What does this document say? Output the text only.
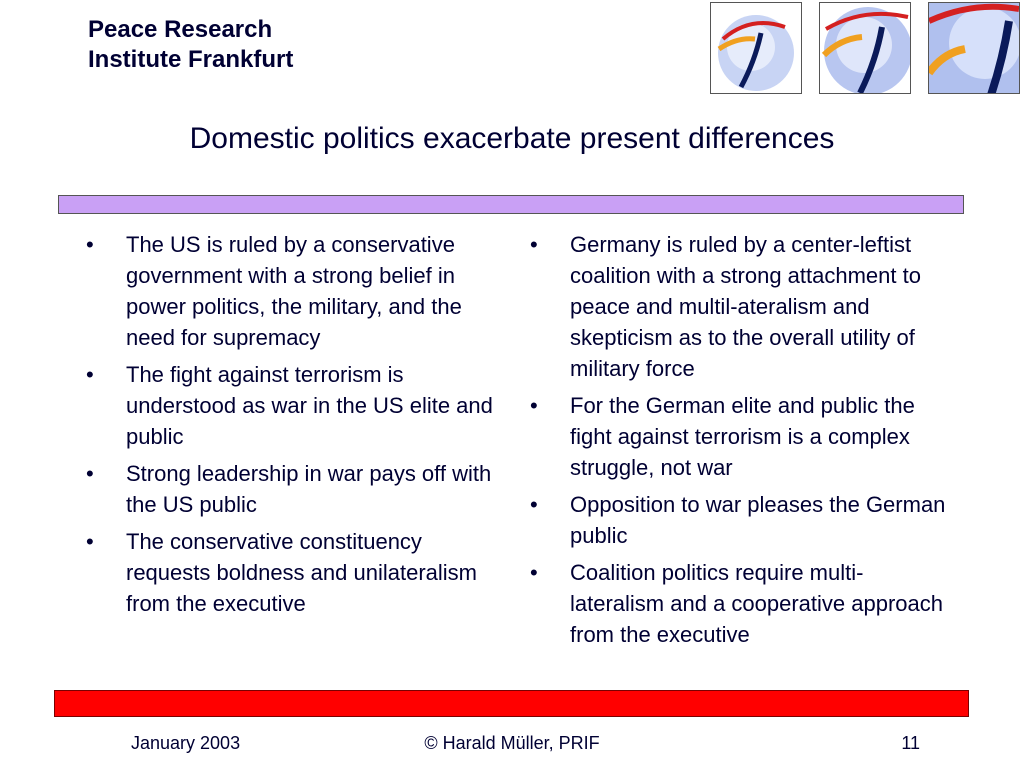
Peace Research
Institute Frankfurt
Domestic politics exacerbate present differences
• The US is ruled by a conservative government with a strong belief in power politics, the military, and the need for supremacy
• The fight against terrorism is understood as war in the US elite and public
• Strong leadership in war pays off with the US public
• The conservative constituency requests boldness and unilateralism from the executive
• Germany is ruled by a center-leftist coalition with a strong attachment to peace and multil-ateralism and skepticism as to the overall utility of military force
• For the German elite and public the fight against terrorism is a complex struggle, not war
• Opposition to war pleases the German public
• Coalition politics require multi-lateralism and a cooperative approach from the executive
© Harald Müller, PRIF
January 2003	11
